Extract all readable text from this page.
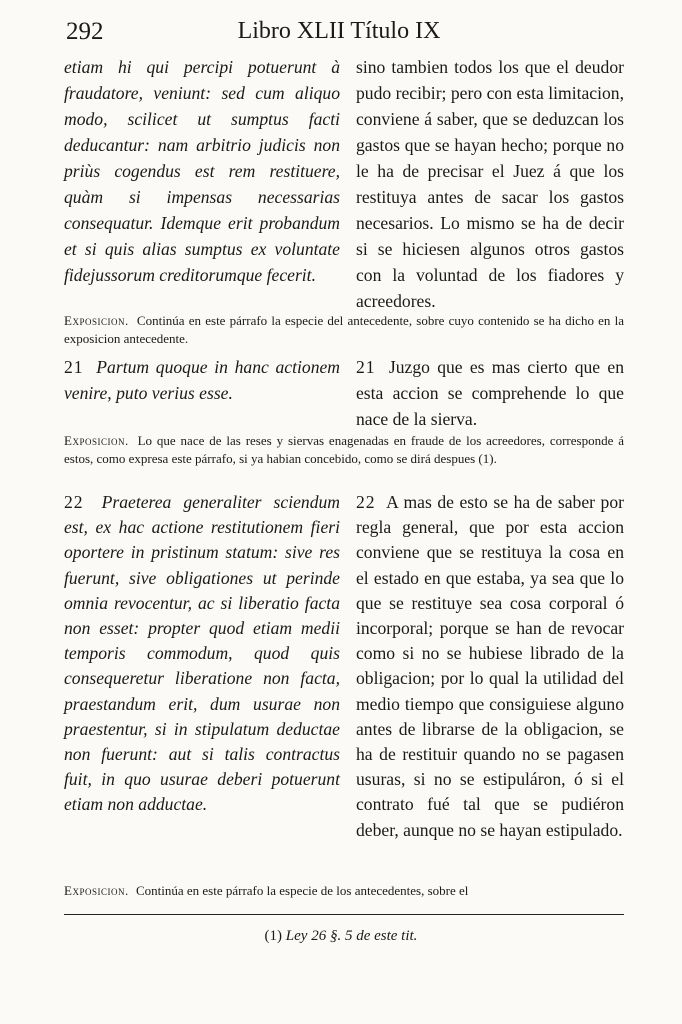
292	Libro XLII Título IX
etiam hi qui percipi potuerunt à fraudatore, veniunt: sed cum aliquo modo, scilicet ut sumptus facti deducantur: nam arbitrio judicis non priùs cogendus est rem restituere, quàm si impensas necessarias consequatur. Idemque erit probandum et si quis alias sumptus ex voluntate fidejussorum creditorumque fecerit.
sino tambien todos los que el deudor pudo recibir; pero con esta limitacion, conviene á saber, que se deduzcan los gastos que se hayan hecho; porque no le ha de precisar el Juez á que los restituya antes de sacar los gastos necesarios. Lo mismo se ha de decir si se hiciesen algunos otros gastos con la voluntad de los fiadores y acreedores.
Exposicion. Continúa en este párrafo la especie del antecedente, sobre cuyo contenido se ha dicho en la exposicion antecedente.
21 Partum quoque in hanc actionem venire, puto verius esse.
21 Juzgo que es mas cierto que en esta accion se comprehende lo que nace de la sierva.
Exposicion. Lo que nace de las reses y siervas enagenadas en fraude de los acreedores, corresponde á estos, como expresa este párrafo, si ya habian concebido, como se dirá despues (1).
22 Praeterea generaliter sciendum est, ex hac actione restitutionem fieri oportere in pristinum statum: sive res fuerunt, sive obligationes ut perinde omnia revocentur, ac si liberatio facta non esset: propter quod etiam medii temporis commodum, quod quis consequeretur liberatione non facta, praestandum erit, dum usurae non praestentur, si in stipulatum deductae non fuerunt: aut si talis contractus fuit, in quo usurae deberi potuerunt etiam non adductae.
22 A mas de esto se ha de saber por regla general, que por esta accion conviene que se restituya la cosa en el estado en que estaba, ya sea que lo que se restituye sea cosa corporal ó incorporal; porque se han de revocar como si no se hubiese librado de la obligacion; por lo qual la utilidad del medio tiempo que consiguiese alguno antes de librarse de la obligacion, se ha de restituir quando no se pagasen usuras, si no se estipuláron, ó si el contrato fué tal que se pudiéron deber, aunque no se hayan estipulado.
Exposicion. Continúa en este párrafo la especie de los antecedentes, sobre el
(1) Ley 26 §. 5 de este tit.
